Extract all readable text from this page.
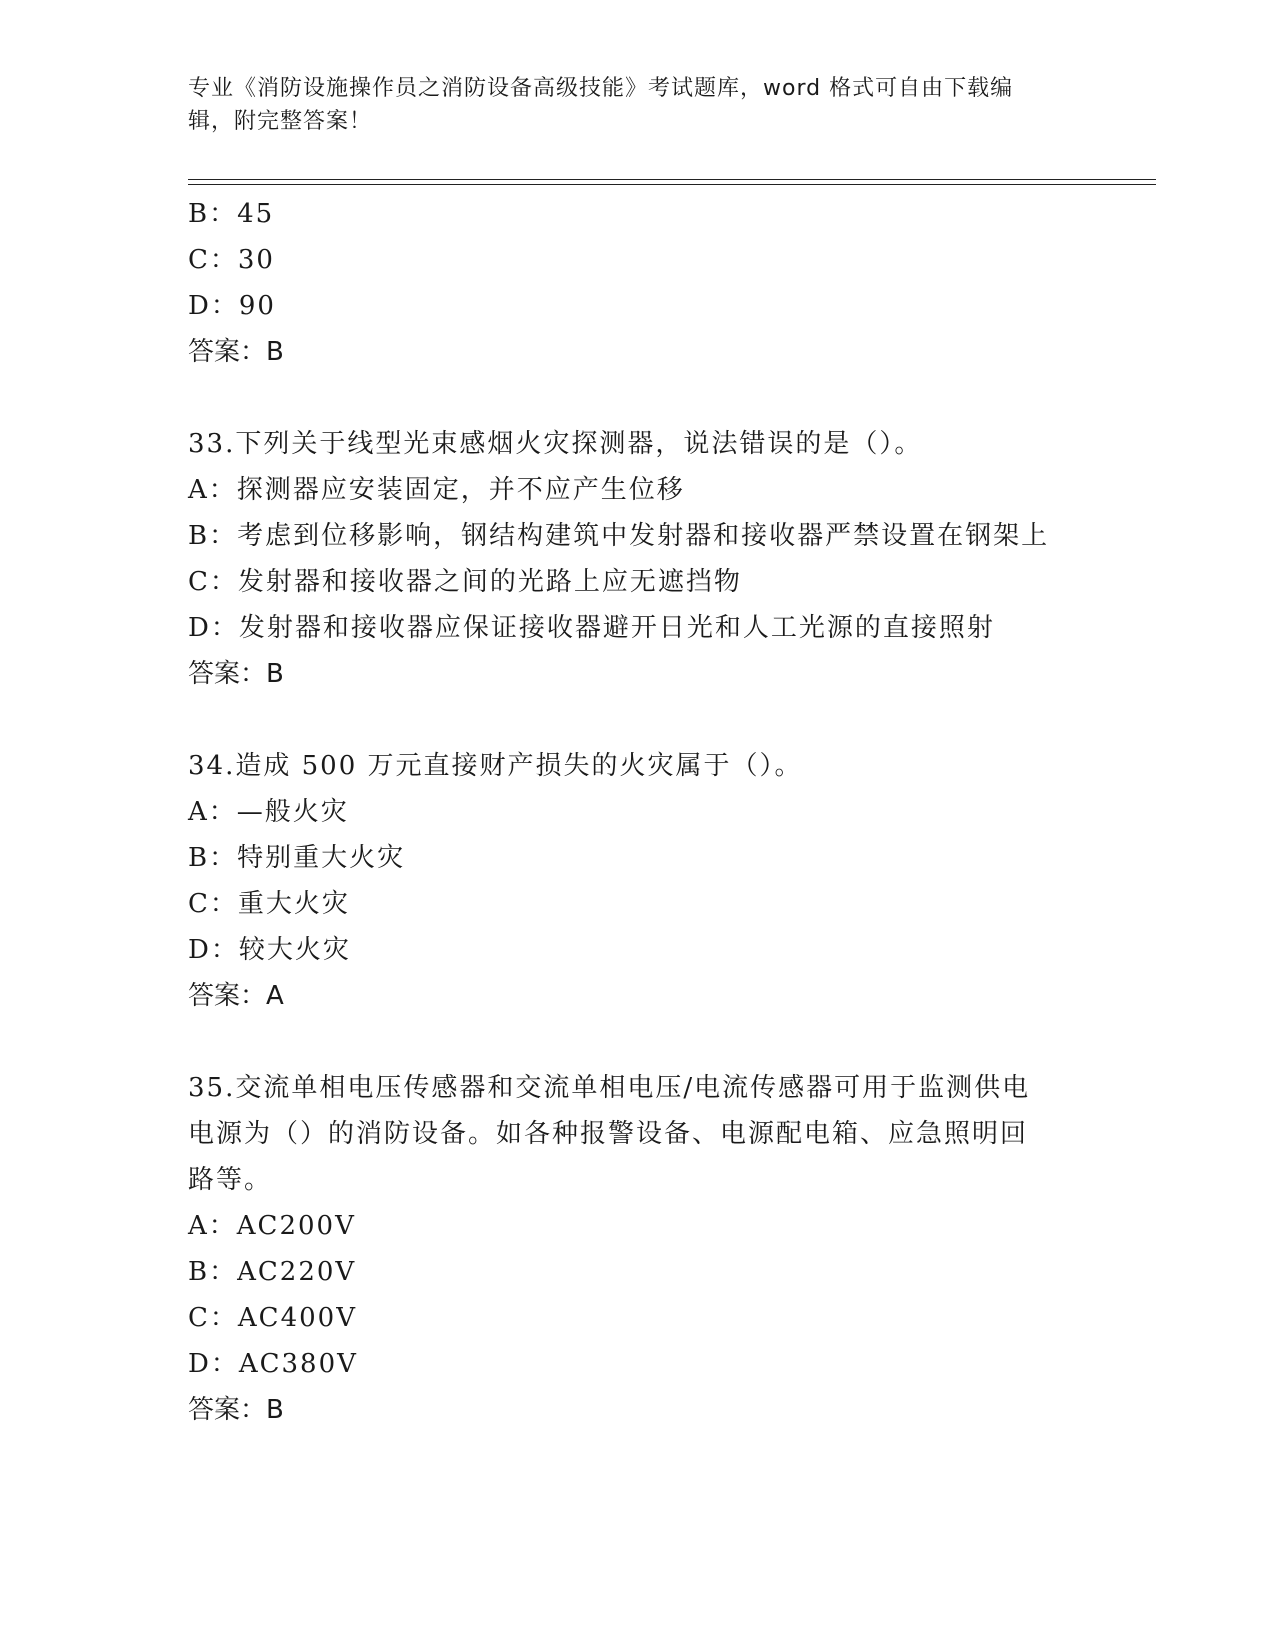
专业《消防设施操作员之消防设备高级技能》考试题库，word 格式可自由下载编
辑，附完整答案！
B：45
C：30
D：90
答案：B
33.下列关于线型光束感烟火灾探测器，说法错误的是（）。
A：探测器应安装固定，并不应产生位移
B：考虑到位移影响，钢结构建筑中发射器和接收器严禁设置在钢架上
C：发射器和接收器之间的光路上应无遮挡物
D：发射器和接收器应保证接收器避开日光和人工光源的直接照射
答案：B
34.造成 500 万元直接财产损失的火灾属于（）。
A：—般火灾
B：特别重大火灾
C：重大火灾
D：较大火灾
答案：A
35.交流单相电压传感器和交流单相电压/电流传感器可用于监测供电
电源为（）的消防设备。如各种报警设备、电源配电箱、应急照明回
路等。
A：AC200V
B：AC220V
C：AC400V
D：AC380V
答案：B
